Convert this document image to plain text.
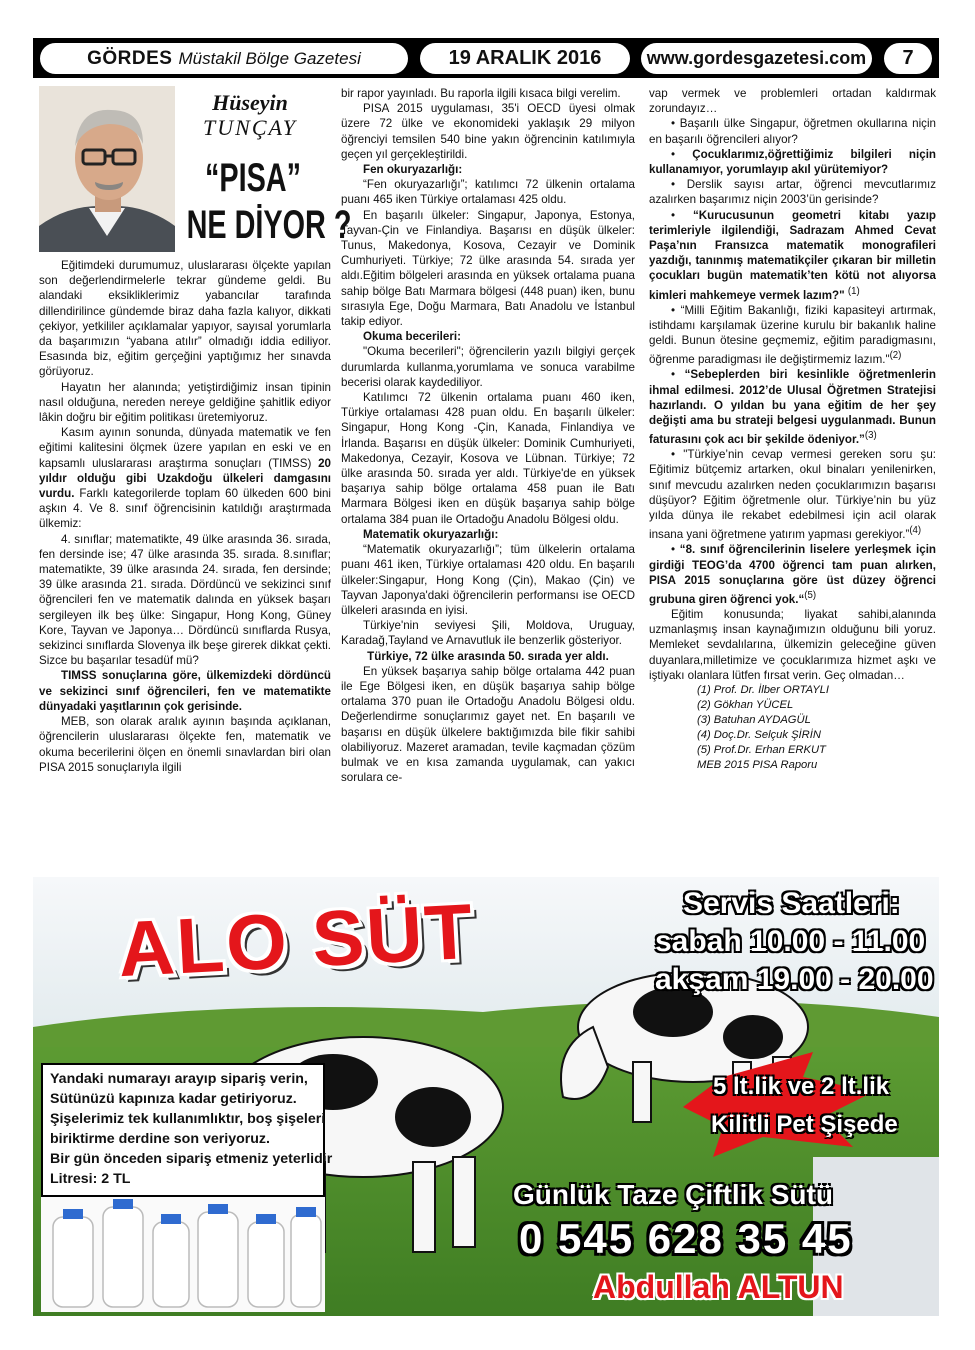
GÖRDES Müstakil Bölge Gazetesi	19 ARALIK 2016	www.gordesgazetesi.com	7
Hüseyin
TUNÇAY
“PISA”
NE DİYOR ?

Eğitimdeki durumumuz, uluslararası ölçekte yapılan son değerlendirmelerle tekrar gündeme geldi. Bu alandaki eksikliklerimiz yabancılar tarafında dillendirilince gündemde biraz daha fazla kalıyor, dikkati çekiyor, yetkililer açıklamalar yapıyor, sayısal yorumlarla da başarımızın “yabana atılır” olmadığı iddia ediliyor. Esasında biz, eğitim gerçeğini yaptığımız her sınavda görüyoruz.

Hayatın her alanında; yetiştirdiğimiz insan tipinin nasıl olduğuna, nereden nereye geldiğine şahitlik ediyor lâkin doğru bir eğitim politikası üretemiyoruz.

Kasım ayının sonunda, dünyada matematik ve fen eğitimi kalitesini ölçmek üzere yapılan en eski ve en kapsamlı uluslararası araştırma sonuçları (TIMSS) 20 yıldır olduğu gibi Uzakdoğu ülkeleri damgasını vurdu. Farklı kategorilerde toplam 60 ülkeden 600 bini aşkın 4. Ve 8. sınıf öğrencisinin katıldığı araştırmada ülkemiz:

4. sınıflar; matematikte, 49 ülke arasında 36. sırada, fen dersinde ise; 47 ülke arasında 35. sırada. 8.sınıflar; matematikte, 39 ülke arasında 24. sırada, fen dersinde; 39 ülke arasında 21. sırada. Dördüncü ve sekizinci sınıf öğrencileri fen ve matematik dalında en yüksek başarı sergileyen ilk beş ülke: Singapur, Hong Kong, Güney Kore, Tayvan ve Japonya… Dördüncü sınıflarda Rusya, sekizinci sınıflarda Slovenya ilk beşe girerek dikkat çekti. Sizce bu başarılar tesadüf mü?

TIMSS sonuçlarına göre, ülkemizdeki dördüncü ve sekizinci sınıf öğrencileri, fen ve matematikte dünyadaki yaşıtlarının çok gerisinde.

MEB, son olarak aralık ayının başında açıklanan, öğrencilerin uluslararası ölçekte fen, matematik ve okuma becerilerini ölçen en önemli sınavlardan biri olan PISA 2015 sonuçlarıyla ilgili

bir rapor yayınladı. Bu raporla ilgili kısaca bilgi verelim.

PISA 2015 uygulaması, 35'i OECD üyesi olmak üzere 72 ülke ve ekonomideki yaklaşık 29 milyon öğrenciyi temsilen 540 bine yakın öğrencinin katılımıyla geçen yıl gerçekleştirildi.

Fen okuryazarlığı:

“Fen okuryazarlığı”; katılımcı 72 ülkenin ortalama puanı 465 iken Türkiye ortalaması 425 oldu.

En başarılı ülkeler: Singapur, Japonya, Estonya, Tayvan-Çin ve Finlandiya. Başarısı en düşük ülkeler: Tunus, Makedonya, Kosova, Cezayir ve Dominik Cumhuriyeti. Türkiye; 72 ülke arasında 54. sırada yer aldı.Eğitim bölgeleri arasında en yüksek ortalama puana sahip bölge Batı Marmara bölgesi (448 puan) iken, bunu sırasıyla Ege, Doğu Marmara, Batı Anadolu ve İstanbul takip ediyor.

Okuma becerileri:

"Okuma becerileri"; öğrencilerin yazılı bilgiyi gerçek durumlarda kullanma,yorumlama ve sonuca varabilme becerisi olarak kaydediliyor.

Katılımcı 72 ülkenin ortalama puanı 460 iken, Türkiye ortalaması 428 puan oldu. En başarılı ülkeler: Singapur, Hong Kong -Çin, Kanada, Finlandiya ve İrlanda. Başarısı en düşük ülkeler: Dominik Cumhuriyeti, Makedonya, Cezayir, Kosova ve Lübnan. Türkiye; 72 ülke arasında 50. sırada yer aldı. Türkiye'de en yüksek başarıya sahip bölge ortalama 458 puan ile Batı Marmara Bölgesi iken en düşük başarıya sahip bölge ortalama 384 puan ile Ortadoğu Anadolu Bölgesi oldu.

Matematik okuryazarlığı:

“Matematik okuryazarlığı”; tüm ülkelerin ortalama puanı 461 iken, Türkiye ortalaması 420 oldu. En başarılı ülkeler:Singapur, Hong Kong (Çin), Makao (Çin) ve Tayvan Japonya'daki öğrencilerin performansı ise OECD ülkeleri arasında en iyisi.

Türkiye'nin seviyesi Şili, Moldova, Uruguay, Karadağ,Tayland ve Arnavutluk ile benzerlik gösteriyor.

Türkiye, 72 ülke arasında 50. sırada yer aldı.

En yüksek başarıya sahip bölge ortalama 442 puan ile Ege Bölgesi iken, en düşük başarıya sahip bölge ortalama 370 puan ile Ortadoğu Anadolu Bölgesi oldu. Değerlendirme sonuçlarımız gayet net. En başarılı ve başarısı en düşük ülkelere baktığımızda bile fikir sahibi olabiliyoruz. Mazeret aramadan, tevile kaçmadan çözüm bulmak ve en kısa zamanda uygulamak, can yakıcı sorulara ce-

vap vermek ve problemleri ortadan kaldırmak zorundayız…

• Başarılı ülke Singapur, öğretmen okullarına niçin en başarılı öğrencileri alıyor?

• Çocuklarımız,öğrettiğimiz bilgileri niçin kullanamıyor, yorumlayıp akıl yürütemiyor?

• Derslik sayısı artar, öğrenci mevcutlarımız azalırken başarımız niçin 2003’ün gerisinde?

• “Kurucusunun geometri kitabı yazıp terimleriyle ilgilendiği, Sadrazam Ahmed Cevat Paşa’nın Fransızca matematik monografileri yazdığı, tanınmış matematikçiler çıkaran bir milletin çocukları bugün matematik’ten kötü not alıyorsa kimleri mahkemeye vermek lazım?" $^{(1)}$

• “Milli Eğitim Bakanlığı, fiziki kapasiteyi artırmak, istihdamı karşılamak üzerine kurulu bir bakanlık haline geldi. Bunun ötesine geçmemiz, eğitim paradigmasını, öğrenme paradigması ile değiştirmemiz lazım."$^{(2)}$

• “Sebeplerden biri kesinlikle öğretmenlerin ihmal edilmesi. 2012’de Ulusal Öğretmen Stratejisi hazırlandı. O yıldan bu yana eğitim de her şey değişti ama bu strateji belgesi uygulanmadı. Bunun faturasını çok acı bir şekilde ödeniyor.”$^{(3)}$

• "Türkiye’nin cevap vermesi gereken soru şu: Eğitimiz bütçemiz artarken, okul binaları yenilenirken, sınıf mevcudu azalırken neden çocuklarımızın başarısı düşüyor? Eğitim öğretmenle olur. Türkiye’nin bu yüz yılda dünya ile rekabet edebilmesi için acil olarak insana yani öğretmene yatırım yapması gerekiyor.”$^{(4)}$

• “8. sınıf öğrencilerinin liselere yerleşmek için girdiği TEOG’da 4700 öğrenci tam puan alırken, PISA 2015 sonuçlarına göre üst düzey öğrenci grubuna giren öğrenci yok.“$^{(5)}$

Eğitim konusunda; liyakat sahibi,alanında uzmanlaşmış insan kaynağımızın olduğunu bili yoruz. Memleket sevdalılarına, ülkemizin geleceğine güven duyanlara,milletimize ve çocuklarımıza hizmet aşkı ve iştiyakı olanlara lütfen fırsat verin. Geç olmadan…

(1) Prof. Dr. İlber ORTAYLI
(2) Gökhan YÜCEL
(3) Batuhan AYDAGÜL
(4) Doç.Dr. Selçuk ŞİRİN
(5) Prof.Dr. Erhan ERKUT
MEB 2015 PISA Raporu
ALO SÜT	Servis Saatleri:
sabah 10.00 - 11.00
akşam 19.00 - 20.00
5 lt.lik ve 2 lt.lik
Kilitli Pet Şişede
Yandaki numarayı arayıp sipariş verin,
Sütünüzü kapınıza kadar getiriyoruz.
Şişelerimiz tek kullanımlıktır, boş şişeleri
biriktirme derdine son veriyoruz.
Bir gün önceden sipariş etmeniz yeterlidir
Litresi: 2 TL	Günlük Taze Çiftlik Sütü
0 545 628 35 45
Abdullah ALTUN
